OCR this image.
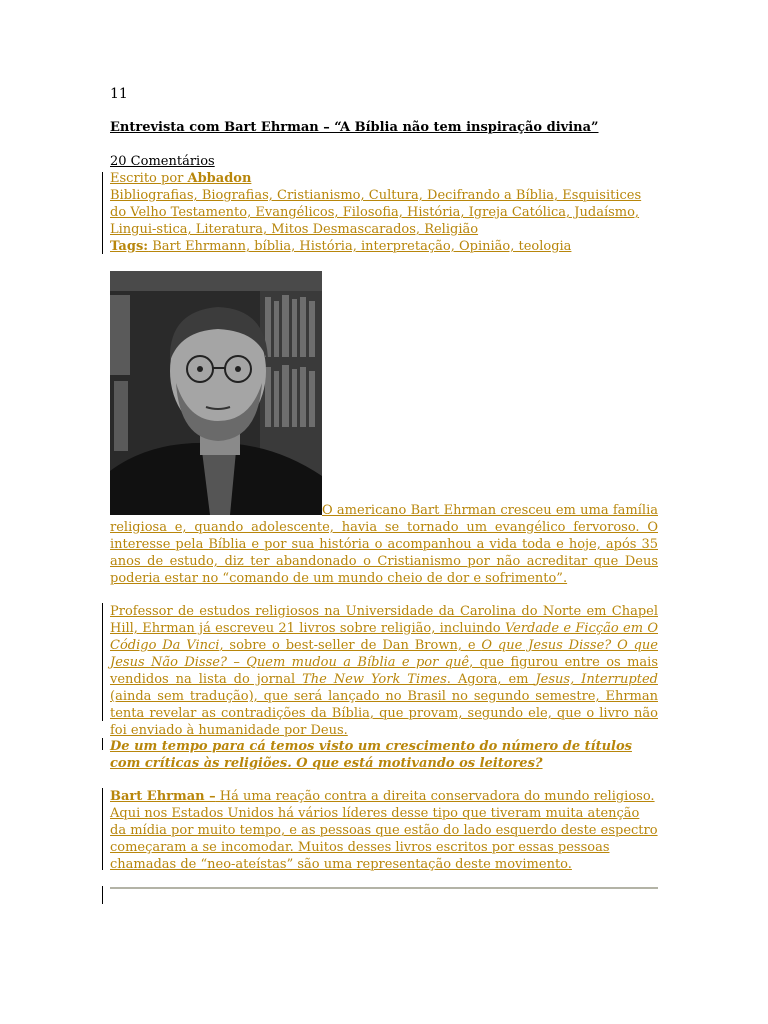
11
Entrevista com Bart Ehrman – “A Bíblia não tem inspiração divina”
20 Comentários

Escrito por Abbadon

Bibliografias, Biografias, Cristianismo, Cultura, Decifrando a Bíblia, Esquisitices do Velho Testamento, Evangélicos, Filosofia, História, Igreja Católica, Judaísmo, Lingui-stica, Literatura, Mitos Desmascarados, Religião

Tags: Bart Ehrmann, bíblia, História, interpretação, Opinião, teologia

O americano Bart Ehrman cresceu em uma família religiosa e, quando adolescente, havia se tornado um evangélico fervoroso. O interesse pela Bíblia e por sua história o acompanhou a vida toda e hoje, após 35 anos de estudo, diz ter abandonado o Cristianismo por não acreditar que Deus poderia estar no “comando de um mundo cheio de dor e sofrimento”.

Professor de estudos religiosos na Universidade da Carolina do Norte em Chapel Hill, Ehrman já escreveu 21 livros sobre religião, incluindo Verdade e Ficção em O Código Da Vinci, sobre o best-seller de Dan Brown, e O que Jesus Disse? O que Jesus Não Disse? – Quem mudou a Bíblia e por quê, que figurou entre os mais vendidos na lista do jornal The New York Times. Agora, em Jesus, Interrupted (ainda sem tradução), que será lançado no Brasil no segundo semestre, Ehrman tenta revelar as contradições da Bíblia, que provam, segundo ele, que o livro não foi enviado à humanidade por Deus.

De um tempo para cá temos visto um crescimento do número de títulos com críticas às religiões. O que está motivando os leitores?

Bart Ehrman – Há uma reação contra a direita conservadora do mundo religioso. Aqui nos Estados Unidos há vários líderes desse tipo que tiveram muita atenção da mídia por muito tempo, e as pessoas que estão do lado esquerdo deste espectro começaram a se incomodar. Muitos desses livros escritos por essas pessoas chamadas de “neo-ateístas” são uma representação deste movimento.
